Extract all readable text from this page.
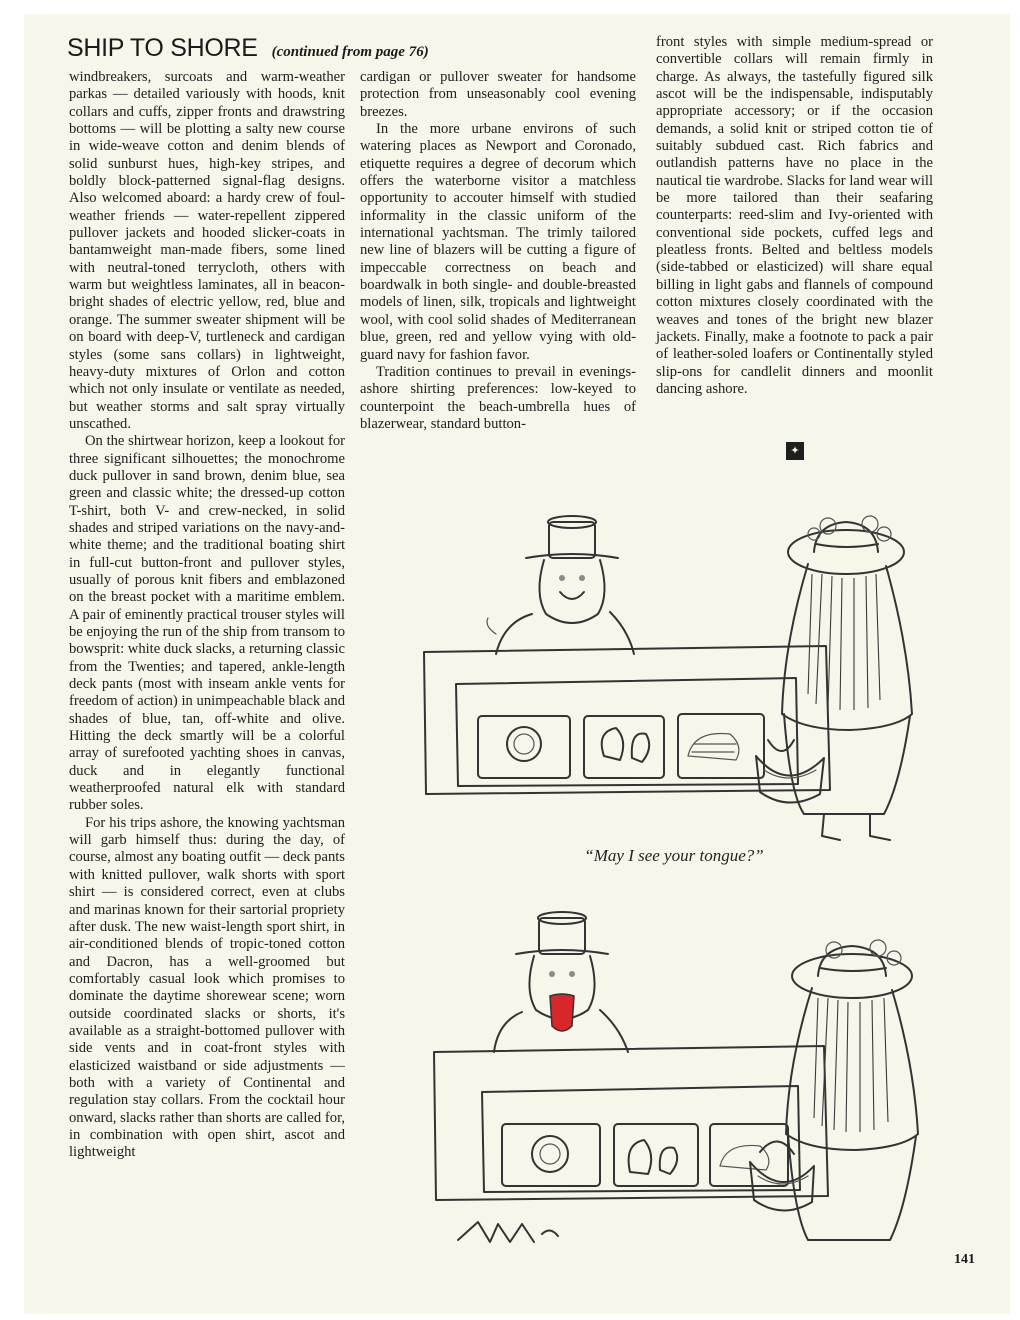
SHIP TO SHORE (continued from page 76)

windbreakers, surcoats and warm-weather parkas — detailed variously with hoods, knit collars and cuffs, zipper fronts and drawstring bottoms — will be plotting a salty new course in wide-weave cotton and denim blends of solid sunburst hues, high-key stripes, and boldly block-patterned signal-flag designs. Also welcomed aboard: a hardy crew of foul-weather friends — water-repellent zippered pullover jackets and hooded slicker-coats in bantamweight man-made fibers, some lined with neutral-toned terrycloth, others with warm but weightless laminates, all in beacon-bright shades of electric yellow, red, blue and orange. The summer sweater shipment will be on board with deep-V, turtleneck and cardigan styles (some sans collars) in lightweight, heavy-duty mixtures of Orlon and cotton which not only insulate or ventilate as needed, but weather storms and salt spray virtually unscathed.

On the shirtwear horizon, keep a lookout for three significant silhouettes; the monochrome duck pullover in sand brown, denim blue, sea green and classic white; the dressed-up cotton T-shirt, both V- and crew-necked, in solid shades and striped variations on the navy-and-white theme; and the traditional boating shirt in full-cut button-front and pullover styles, usually of porous knit fibers and emblazoned on the breast pocket with a maritime emblem. A pair of eminently practical trouser styles will be enjoying the run of the ship from transom to bowsprit: white duck slacks, a returning classic from the Twenties; and tapered, ankle-length deck pants (most with inseam ankle vents for freedom of action) in unimpeachable black and shades of blue, tan, off-white and olive. Hitting the deck smartly will be a colorful array of surefooted yachting shoes in canvas, duck and in elegantly functional weatherproofed natural elk with standard rubber soles.

For his trips ashore, the knowing yachtsman will garb himself thus: during the day, of course, almost any boating outfit — deck pants with knitted pullover, walk shorts with sport shirt — is considered correct, even at clubs and marinas known for their sartorial propriety after dusk. The new waist-length sport shirt, in air-conditioned blends of tropic-toned cotton and Dacron, has a well-groomed but comfortably casual look which promises to dominate the daytime shorewear scene; worn outside coordinated slacks or shorts, it's available as a straight-bottomed pullover with side vents and in coat-front styles with elasticized waistband or side adjustments — both with a variety of Continental and regulation stay collars. From the cocktail hour onward, slacks rather than shorts are called for, in combination with open shirt, ascot and lightweight

cardigan or pullover sweater for handsome protection from unseasonably cool evening breezes.

In the more urbane environs of such watering places as Newport and Coronado, etiquette requires a degree of decorum which offers the waterborne visitor a matchless opportunity to accouter himself with studied informality in the classic uniform of the international yachtsman. The trimly tailored new line of blazers will be cutting a figure of impeccable correctness on beach and boardwalk in both single- and double-breasted models of linen, silk, tropicals and lightweight wool, with cool solid shades of Mediterranean blue, green, red and yellow vying with old-guard navy for fashion favor.

Tradition continues to prevail in evenings-ashore shirting preferences: low-keyed to counterpoint the beach-umbrella hues of blazerwear, standard button-

front styles with simple medium-spread or convertible collars will remain firmly in charge. As always, the tastefully figured silk ascot will be the indispensable, indisputably appropriate accessory; or if the occasion demands, a solid knit or striped cotton tie of suitably subdued cast. Rich fabrics and outlandish patterns have no place in the nautical tie wardrobe. Slacks for land wear will be more tailored than their seafaring counterparts: reed-slim and Ivy-oriented with conventional side pockets, cuffed legs and pleatless fronts. Belted and beltless models (side-tabbed or elasticized) will share equal billing in light gabs and flannels of compound cotton mixtures closely coordinated with the weaves and tones of the bright new blazer jackets. Finally, make a footnote to pack a pair of leather-soled loafers or Continentally styled slip-ons for candlelit dinners and moonlit dancing ashore.

✦
“May I see your tongue?”
141
